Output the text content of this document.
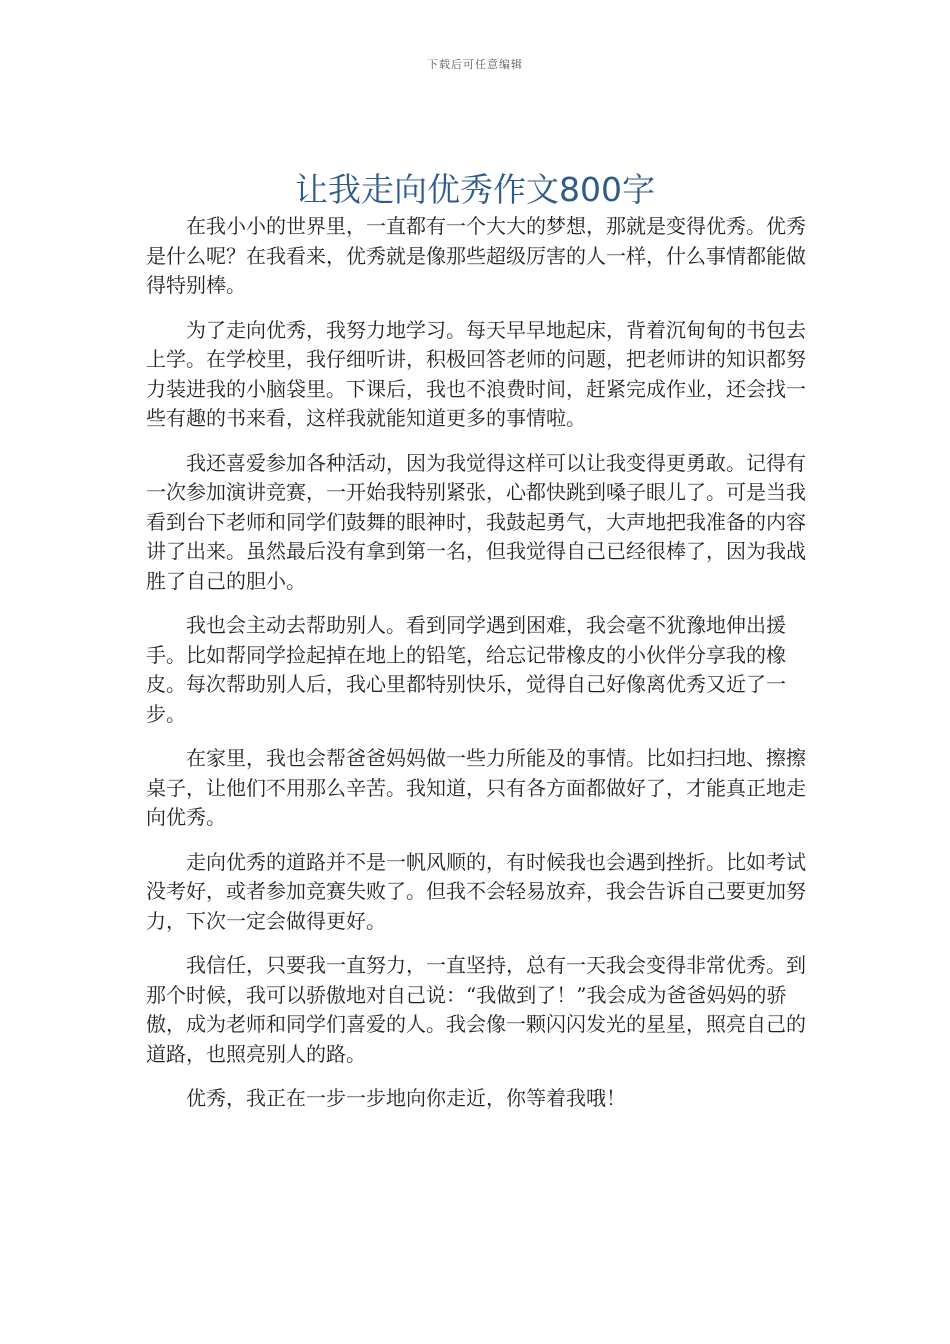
下载后可任意编辑
让我走向优秀作文800字

在我小小的世界里，一直都有一个大大的梦想，那就是变得优秀。优秀是什么呢？在我看来，优秀就是像那些超级厉害的人一样，什么事情都能做得特别棒。

为了走向优秀，我努力地学习。每天早早地起床，背着沉甸甸的书包去上学。在学校里，我仔细听讲，积极回答老师的问题，把老师讲的知识都努力装进我的小脑袋里。下课后，我也不浪费时间，赶紧完成作业，还会找一些有趣的书来看，这样我就能知道更多的事情啦。

我还喜爱参加各种活动，因为我觉得这样可以让我变得更勇敢。记得有一次参加演讲竞赛，一开始我特别紧张，心都快跳到嗓子眼儿了。可是当我看到台下老师和同学们鼓舞的眼神时，我鼓起勇气，大声地把我准备的内容讲了出来。虽然最后没有拿到第一名，但我觉得自己已经很棒了，因为我战胜了自己的胆小。

我也会主动去帮助别人。看到同学遇到困难，我会毫不犹豫地伸出援手。比如帮同学捡起掉在地上的铅笔，给忘记带橡皮的小伙伴分享我的橡皮。每次帮助别人后，我心里都特别快乐，觉得自己好像离优秀又近了一步。

在家里，我也会帮爸爸妈妈做一些力所能及的事情。比如扫扫地、擦擦桌子，让他们不用那么辛苦。我知道，只有各方面都做好了，才能真正地走向优秀。

走向优秀的道路并不是一帆风顺的，有时候我也会遇到挫折。比如考试没考好，或者参加竞赛失败了。但我不会轻易放弃，我会告诉自己要更加努力，下次一定会做得更好。

我信任，只要我一直努力，一直坚持，总有一天我会变得非常优秀。到那个时候，我可以骄傲地对自己说：“我做到了！”我会成为爸爸妈妈的骄傲，成为老师和同学们喜爱的人。我会像一颗闪闪发光的星星，照亮自己的道路，也照亮别人的路。

优秀，我正在一步一步地向你走近，你等着我哦！
